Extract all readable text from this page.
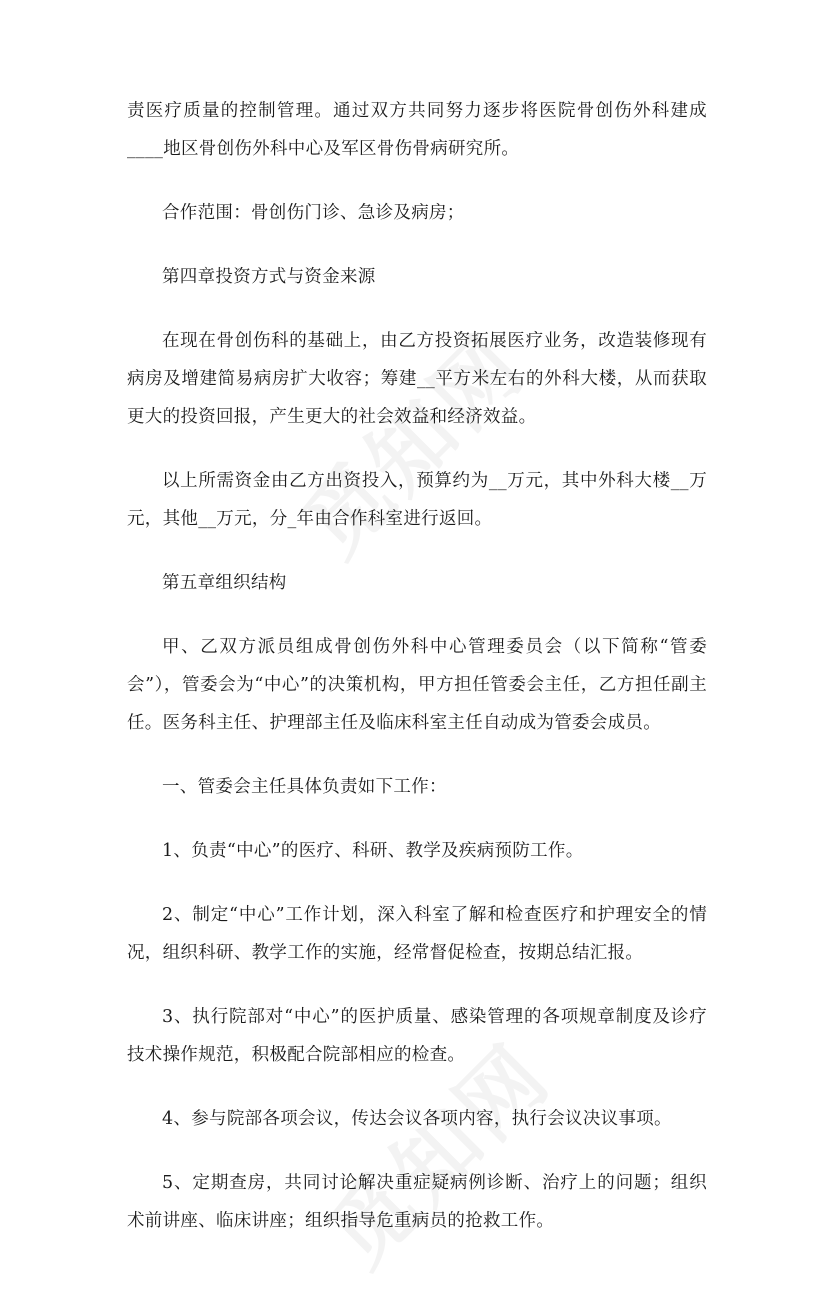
责医疗质量的控制管理。通过双方共同努力逐步将医院骨创伤外科建成____地区骨创伤外科中心及军区骨伤骨病研究所。

合作范围：骨创伤门诊、急诊及病房；

第四章投资方式与资金来源

在现在骨创伤科的基础上，由乙方投资拓展医疗业务，改造装修现有病房及增建简易病房扩大收容；筹建__平方米左右的外科大楼，从而获取更大的投资回报，产生更大的社会效益和经济效益。

以上所需资金由乙方出资投入，预算约为__万元，其中外科大楼__万元，其他__万元，分_年由合作科室进行返回。

第五章组织结构

甲、乙双方派员组成骨创伤外科中心管理委员会（以下简称“管委会”），管委会为“中心”的决策机构，甲方担任管委会主任，乙方担任副主任。医务科主任、护理部主任及临床科室主任自动成为管委会成员。

一、管委会主任具体负责如下工作：

1、负责“中心”的医疗、科研、教学及疾病预防工作。

2、制定“中心”工作计划，深入科室了解和检查医疗和护理安全的情况，组织科研、教学工作的实施，经常督促检查，按期总结汇报。

3、执行院部对“中心”的医护质量、感染管理的各项规章制度及诊疗技术操作规范，积极配合院部相应的检查。

4、参与院部各项会议，传达会议各项内容，执行会议决议事项。

5、定期查房，共同讨论解决重症疑病例诊断、治疗上的问题；组织术前讲座、临床讲座；组织指导危重病员的抢救工作。
